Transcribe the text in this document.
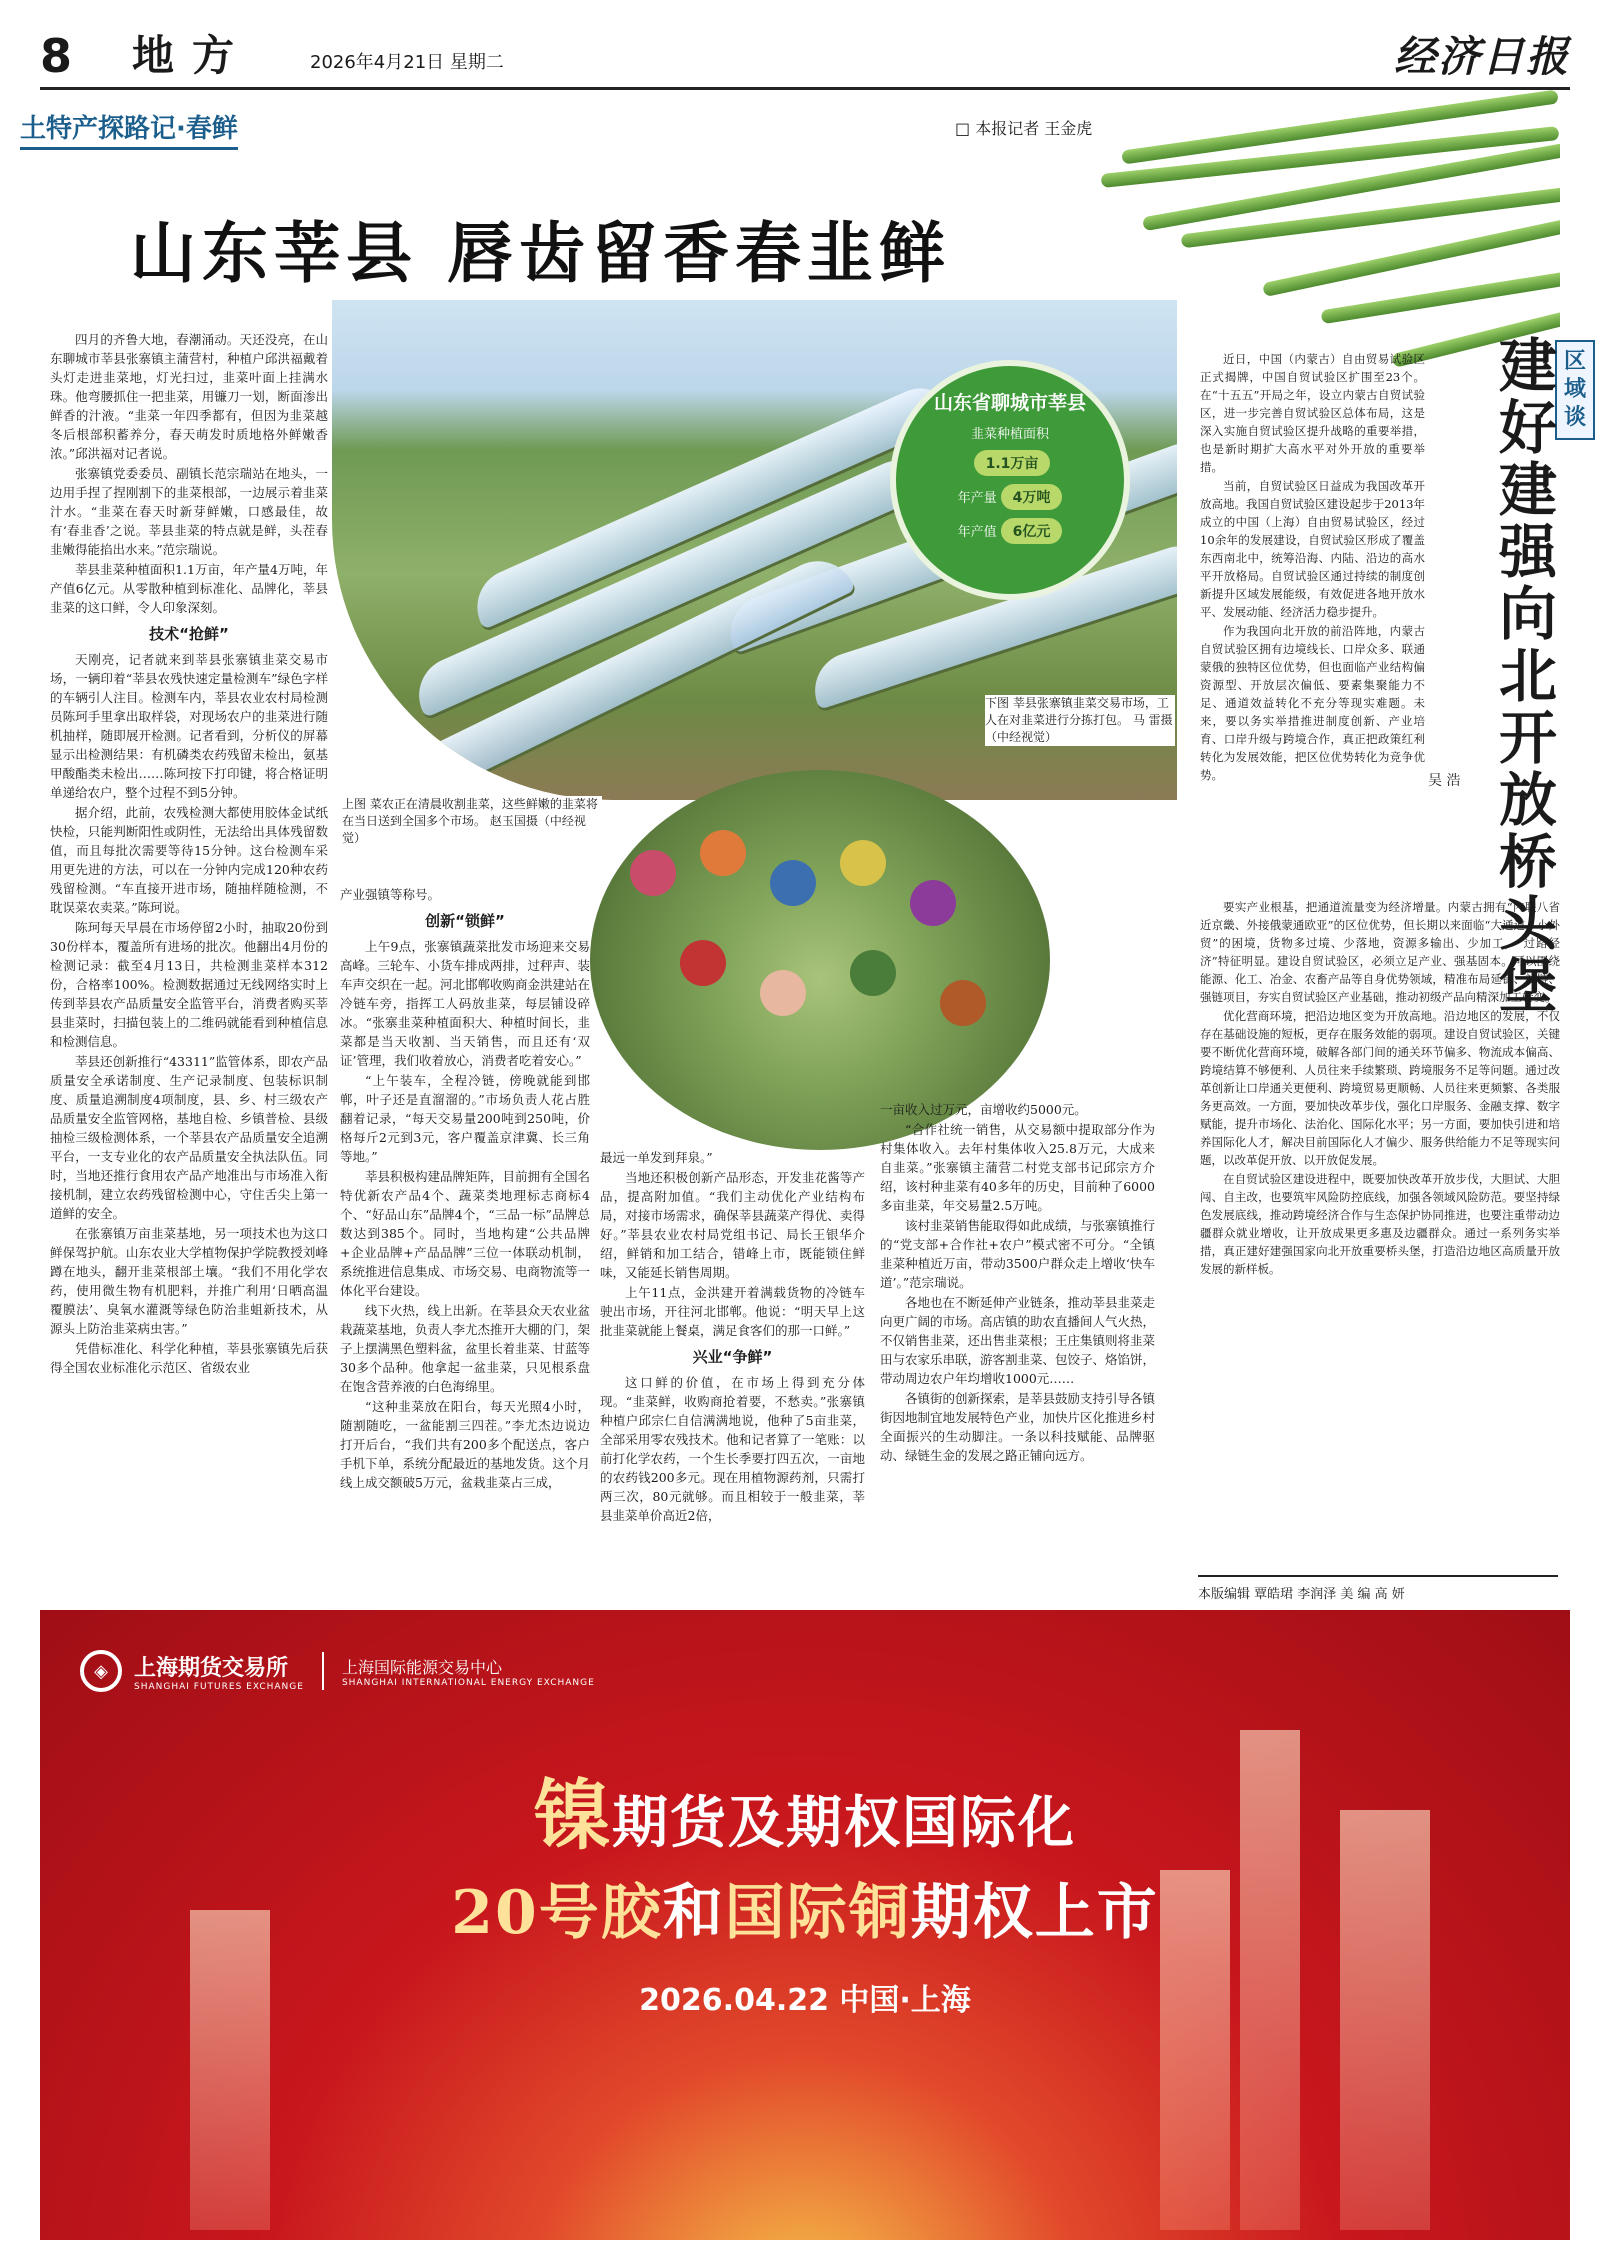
8 地方	2026年4月21日 星期二	经济日报
土特产探路记·春鲜	□ 本报记者 王金虎
山东莘县 唇齿留香春韭鲜
山东省聊城市莘县
韭菜种植面积
1.1万亩
年产量 4万吨
年产值 6亿元
下图 莘县张寨镇韭菜交易市场，工人在对韭菜进行分拣打包。 马 雷摄（中经视觉）
上图 菜农正在清晨收割韭菜，这些鲜嫩的韭菜将在当日送到全国多个市场。 赵玉国摄（中经视觉）

四月的齐鲁大地，春潮涌动。天还没亮，在山东聊城市莘县张寨镇主蒲营村，种植户邱洪福戴着头灯走进韭菜地，灯光扫过，韭菜叶面上挂满水珠。他弯腰抓住一把韭菜，用镰刀一划，断面渗出鲜香的汁液。“韭菜一年四季都有，但因为韭菜越冬后根部积蓄养分，春天萌发时质地格外鲜嫩香浓。”邱洪福对记者说。

张寨镇党委委员、副镇长范宗瑞站在地头，一边用手捏了捏刚割下的韭菜根部，一边展示着韭菜汁水。“韭菜在春天时新芽鲜嫩，口感最佳，故有‘春韭香’之说。莘县韭菜的特点就是鲜，头茬春韭嫩得能掐出水来。”范宗瑞说。

莘县韭菜种植面积1.1万亩，年产量4万吨，年产值6亿元。从零散种植到标准化、品牌化，莘县韭菜的这口鲜，令人印象深刻。

技术“抢鲜”

天刚亮，记者就来到莘县张寨镇韭菜交易市场，一辆印着“莘县农残快速定量检测车”绿色字样的车辆引人注目。检测车内，莘县农业农村局检测员陈珂手里拿出取样袋，对现场农户的韭菜进行随机抽样，随即展开检测。记者看到，分析仪的屏幕显示出检测结果：有机磷类农药残留未检出，氨基甲酸酯类未检出……陈珂按下打印键，将合格证明单递给农户，整个过程不到5分钟。

据介绍，此前，农残检测大都使用胶体金试纸快检，只能判断阳性或阴性，无法给出具体残留数值，而且每批次需要等待15分钟。这台检测车采用更先进的方法，可以在一分钟内完成120种农药残留检测。“车直接开进市场，随抽样随检测，不耽误菜农卖菜。”陈珂说。

陈珂每天早晨在市场停留2小时，抽取20份到30份样本，覆盖所有进场的批次。他翻出4月份的检测记录：截至4月13日，共检测韭菜样本312份，合格率100%。检测数据通过无线网络实时上传到莘县农产品质量安全监管平台，消费者购买莘县韭菜时，扫描包装上的二维码就能看到种植信息和检测信息。

莘县还创新推行“43311”监管体系，即农产品质量安全承诺制度、生产记录制度、包装标识制度、质量追溯制度4项制度，县、乡、村三级农产品质量安全监管网格，基地自检、乡镇普检、县级抽检三级检测体系，一个莘县农产品质量安全追溯平台，一支专业化的农产品质量安全执法队伍。同时，当地还推行食用农产品产地准出与市场准入衔接机制，建立农药残留检测中心，守住舌尖上第一道鲜的安全。

在张寨镇万亩韭菜基地，另一项技术也为这口鲜保驾护航。山东农业大学植物保护学院教授刘峰蹲在地头，翻开韭菜根部土壤。“我们不用化学农药，使用微生物有机肥料，并推广利用‘日晒高温覆膜法’、臭氧水灌溉等绿色防治韭蛆新技术，从源头上防治韭菜病虫害。”

凭借标准化、科学化种植，莘县张寨镇先后获得全国农业标准化示范区、省级农业

产业强镇等称号。

创新“锁鲜”

上午9点，张寨镇蔬菜批发市场迎来交易高峰。三轮车、小货车排成两排，过秤声、装车声交织在一起。河北邯郸收购商金洪建站在冷链车旁，指挥工人码放韭菜，每层铺设碎冰。“张寨韭菜种植面积大、种植时间长，韭菜都是当天收割、当天销售，而且还有‘双证’管理，我们收着放心，消费者吃着安心。”

“上午装车，全程冷链，傍晚就能到邯郸，叶子还是直溜溜的。”市场负责人花占胜翻着记录，“每天交易量200吨到250吨，价格每斤2元到3元，客户覆盖京津冀、长三角等地。”

莘县积极构建品牌矩阵，目前拥有全国名特优新农产品4个、蔬菜类地理标志商标4个、“好品山东”品牌4个，“三品一标”品牌总数达到385个。同时，当地构建“公共品牌+企业品牌+产品品牌”三位一体联动机制，系统推进信息集成、市场交易、电商物流等一体化平台建设。

线下火热，线上出新。在莘县众天农业盆栽蔬菜基地，负责人李尤杰推开大棚的门，架子上摆满黑色塑料盆，盆里长着韭菜、甘蓝等30多个品种。他拿起一盆韭菜，只见根系盘在饱含营养液的白色海绵里。

“这种韭菜放在阳台，每天光照4小时，随割随吃，一盆能割三四茬。”李尤杰边说边打开后台，“我们共有200多个配送点，客户手机下单，系统分配最近的基地发货。这个月线上成交额破5万元，盆栽韭菜占三成，

最远一单发到拜泉。”

当地还积极创新产品形态，开发韭花酱等产品，提高附加值。“我们主动优化产业结构布局，对接市场需求，确保莘县蔬菜产得优、卖得好。”莘县农业农村局党组书记、局长王银华介绍，鲜销和加工结合，错峰上市，既能锁住鲜味，又能延长销售周期。

上午11点，金洪建开着满载货物的冷链车驶出市场，开往河北邯郸。他说：“明天早上这批韭菜就能上餐桌，满足食客们的那一口鲜。”

兴业“争鲜”

这口鲜的价值，在市场上得到充分体现。“韭菜鲜，收购商抢着要，不愁卖。”张寨镇种植户邱宗仁自信满满地说，他种了5亩韭菜，全部采用零农残技术。他和记者算了一笔账：以前打化学农药，一个生长季要打四五次，一亩地的农药钱200多元。现在用植物源药剂，只需打两三次，80元就够。而且相较于一般韭菜，莘县韭菜单价高近2倍，

一亩收入过万元，亩增收约5000元。

“合作社统一销售，从交易额中提取部分作为村集体收入。去年村集体收入25.8万元，大成来自韭菜。”张寨镇主蒲营二村党支部书记邱宗方介绍，该村种韭菜有40多年的历史，目前种了6000多亩韭菜，年交易量2.5万吨。

该村韭菜销售能取得如此成绩，与张寨镇推行的“党支部+合作社+农户”模式密不可分。“全镇韭菜种植近万亩，带动3500户群众走上增收‘快车道’。”范宗瑞说。

各地也在不断延伸产业链条，推动莘县韭菜走向更广阔的市场。高店镇的助农直播间人气火热，不仅销售韭菜，还出售韭菜根；王庄集镇则将韭菜田与农家乐串联，游客割韭菜、包饺子、烙馅饼，带动周边农户年均增收1000元……

各镇街的创新探索，是莘县鼓励支持引导各镇街因地制宜地发展特色产业，加快片区化推进乡村全面振兴的生动脚注。一条以科技赋能、品牌驱动、绿链生金的发展之路正铺向远方。

区域谈
建好建强向北开放桥头堡
吴 浩

近日，中国（内蒙古）自由贸易试验区正式揭牌，中国自贸试验区扩围至23个。在“十五五”开局之年，设立内蒙古自贸试验区，进一步完善自贸试验区总体布局，这是深入实施自贸试验区提升战略的重要举措，也是新时期扩大高水平对外开放的重要举措。

当前，自贸试验区日益成为我国改革开放高地。我国自贸试验区建设起步于2013年成立的中国（上海）自由贸易试验区，经过10余年的发展建设，自贸试验区形成了覆盖东西南北中，统筹沿海、内陆、沿边的高水平开放格局。自贸试验区通过持续的制度创新提升区域发展能级，有效促进各地开放水平、发展动能、经济活力稳步提升。

作为我国向北开放的前沿阵地，内蒙古自贸试验区拥有边境线长、口岸众多、联通蒙俄的独特区位优势，但也面临产业结构偏资源型、开放层次偏低、要素集聚能力不足、通道效益转化不充分等现实难题。未来，要以务实举措推进制度创新、产业培育、口岸升级与跨境合作，真正把政策红利转化为发展效能，把区位优势转化为竞争优势。

要实产业根基，把通道流量变为经济增量。内蒙古拥有“内联八省近京畿、外接俄蒙通欧亚”的区位优势，但长期以来面临“大通道、小外贸”的困境，货物多过境、少落地，资源多输出、少加工，“过路经济”特征明显。建设自贸试验区，必须立足产业、强基固本。可以围绕能源、化工、冶金、农畜产品等自身优势领域，精准布局延链、补链、强链项目，夯实自贸试验区产业基础，推动初级产品向精深加工转变。

优化营商环境，把沿边地区变为开放高地。沿边地区的发展，不仅存在基础设施的短板，更存在服务效能的弱项。建设自贸试验区，关键要不断优化营商环境，破解各部门间的通关环节偏多、物流成本偏高、跨境结算不够便利、人员往来手续繁琐、跨境服务不足等问题。通过改革创新让口岸通关更便利、跨境贸易更顺畅、人员往来更频繁、各类服务更高效。一方面，要加快改革步伐，强化口岸服务、金融支撑、数字赋能，提升市场化、法治化、国际化水平；另一方面，要加快引进和培养国际化人才，解决目前国际化人才偏少、服务供给能力不足等现实问题，以改革促开放、以开放促发展。

在自贸试验区建设进程中，既要加快改革开放步伐，大胆试、大胆闯、自主改，也要筑牢风险防控底线，加强各领域风险防范。要坚持绿色发展底线，推动跨境经济合作与生态保护协同推进，也要注重带动边疆群众就业增收，让开放成果更多惠及边疆群众。通过一系列务实举措，真正建好建强国家向北开放重要桥头堡，打造沿边地区高质量开放发展的新样板。

本版编辑 覃皓珺 李润泽 美 编 高 妍
◈	上海期货交易所
SHANGHAI FUTURES EXCHANGE
上海国际能源交易中心
SHANGHAI INTERNATIONAL ENERGY EXCHANGE
镍期货及期权国际化
20号胶和国际铜期权上市
2026.04.22 中国·上海
